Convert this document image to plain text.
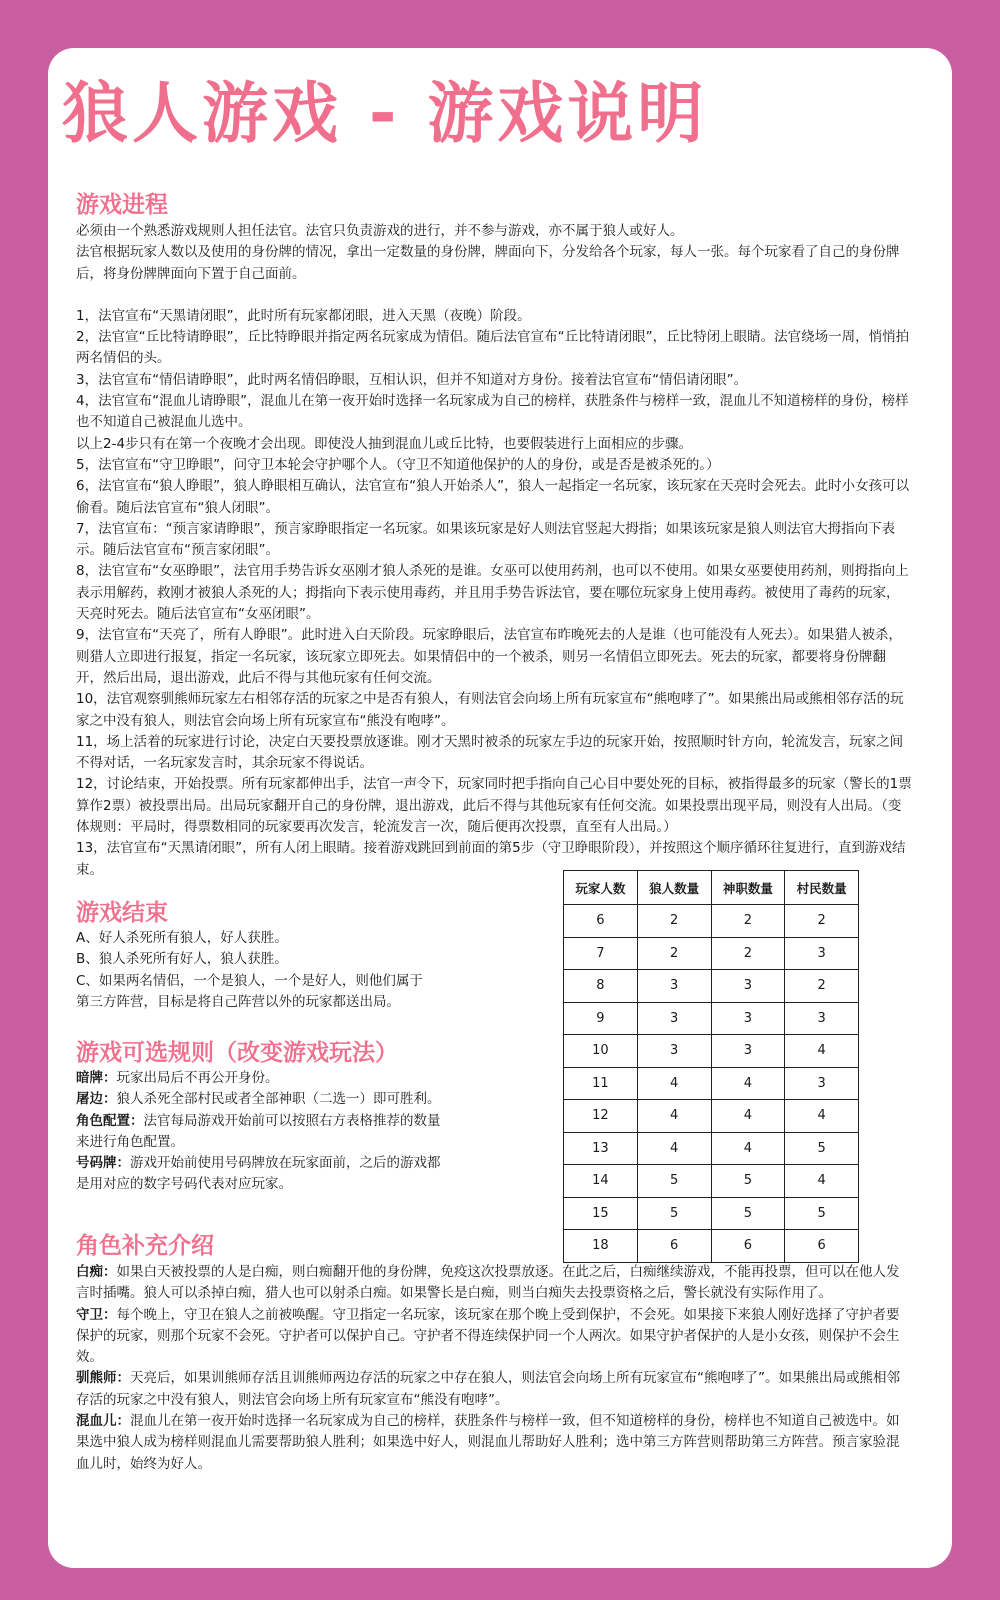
狼人游戏 - 游戏说明
游戏进程

必须由一个熟悉游戏规则人担任法官。法官只负责游戏的进行，并不参与游戏，亦不属于狼人或好人。

法官根据玩家人数以及使用的身份牌的情况，拿出一定数量的身份牌，牌面向下，分发给各个玩家，每人一张。每个玩家看了自己的身份牌后，将身份牌牌面向下置于自己面前。

1，法官宣布“天黑请闭眼”，此时所有玩家都闭眼，进入天黑（夜晚）阶段。

2，法官宣“丘比特请睁眼”，丘比特睁眼并指定两名玩家成为情侣。随后法官宣布“丘比特请闭眼”，丘比特闭上眼睛。法官绕场一周，悄悄拍两名情侣的头。

3，法官宣布“情侣请睁眼”，此时两名情侣睁眼，互相认识，但并不知道对方身份。接着法官宣布“情侣请闭眼”。

4，法官宣布“混血儿请睁眼”，混血儿在第一夜开始时选择一名玩家成为自己的榜样，获胜条件与榜样一致，混血儿不知道榜样的身份，榜样也不知道自己被混血儿选中。

以上2-4步只有在第一个夜晚才会出现。即使没人抽到混血儿或丘比特，也要假装进行上面相应的步骤。

5，法官宣布“守卫睁眼”，问守卫本轮会守护哪个人。（守卫不知道他保护的人的身份，或是否是被杀死的。）

6，法官宣布“狼人睁眼”，狼人睁眼相互确认，法官宣布“狼人开始杀人”，狼人一起指定一名玩家，该玩家在天亮时会死去。此时小女孩可以偷看。随后法官宣布“狼人闭眼”。

7，法官宣布：“预言家请睁眼”，预言家睁眼指定一名玩家。如果该玩家是好人则法官竖起大拇指；如果该玩家是狼人则法官大拇指向下表示。随后法官宣布“预言家闭眼”。

8，法官宣布“女巫睁眼”，法官用手势告诉女巫刚才狼人杀死的是谁。女巫可以使用药剂，也可以不使用。如果女巫要使用药剂，则拇指向上表示用解药，救刚才被狼人杀死的人；拇指向下表示使用毒药，并且用手势告诉法官，要在哪位玩家身上使用毒药。被使用了毒药的玩家，天亮时死去。随后法官宣布“女巫闭眼”。

9，法官宣布“天亮了，所有人睁眼”。此时进入白天阶段。玩家睁眼后，法官宣布昨晚死去的人是谁（也可能没有人死去）。如果猎人被杀，则猎人立即进行报复，指定一名玩家，该玩家立即死去。如果情侣中的一个被杀，则另一名情侣立即死去。死去的玩家，都要将身份牌翻开，然后出局，退出游戏，此后不得与其他玩家有任何交流。

10，法官观察驯熊师玩家左右相邻存活的玩家之中是否有狼人，有则法官会向场上所有玩家宣布“熊咆哮了”。如果熊出局或熊相邻存活的玩家之中没有狼人，则法官会向场上所有玩家宣布“熊没有咆哮”。

11，场上活着的玩家进行讨论，决定白天要投票放逐谁。刚才天黑时被杀的玩家左手边的玩家开始，按照顺时针方向，轮流发言，玩家之间不得对话，一名玩家发言时，其余玩家不得说话。

12，讨论结束，开始投票。所有玩家都伸出手，法官一声令下，玩家同时把手指向自己心目中要处死的目标，被指得最多的玩家（警长的1票算作2票）被投票出局。出局玩家翻开自己的身份牌，退出游戏，此后不得与其他玩家有任何交流。如果投票出现平局，则没有人出局。（变体规则：平局时，得票数相同的玩家要再次发言，轮流发言一次，随后便再次投票，直至有人出局。）

13，法官宣布“天黑请闭眼”，所有人闭上眼睛。接着游戏跳回到前面的第5步（守卫睁眼阶段），并按照这个顺序循环往复进行，直到游戏结束。

游戏结束

A、好人杀死所有狼人，好人获胜。

B、狼人杀死所有好人，狼人获胜。

C、如果两名情侣，一个是狼人，一个是好人，则他们属于第三方阵营，目标是将自己阵营以外的玩家都送出局。

游戏可选规则（改变游戏玩法）

暗牌：玩家出局后不再公开身份。

屠边：狼人杀死全部村民或者全部神职（二选一）即可胜利。

角色配置：法官每局游戏开始前可以按照右方表格推荐的数量来进行角色配置。

号码牌：游戏开始前使用号码牌放在玩家面前，之后的游戏都是用对应的数字号码代表对应玩家。

玩家人数	狼人数量	神职数量	村民数量
6	2	2	2
7	2	2	3
8	3	3	2
9	3	3	3
10	3	3	4
11	4	4	3
12	4	4	4
13	4	4	5
14	5	5	4
15	5	5	5
18	6	6	6
角色补充介绍

白痴：如果白天被投票的人是白痴，则白痴翻开他的身份牌，免疫这次投票放逐。在此之后，白痴继续游戏，不能再投票，但可以在他人发言时插嘴。狼人可以杀掉白痴，猎人也可以射杀白痴。如果警长是白痴，则当白痴失去投票资格之后，警长就没有实际作用了。

守卫：每个晚上，守卫在狼人之前被唤醒。守卫指定一名玩家，该玩家在那个晚上受到保护，不会死。如果接下来狼人刚好选择了守护者要保护的玩家，则那个玩家不会死。守护者可以保护自己。守护者不得连续保护同一个人两次。如果守护者保护的人是小女孩，则保护不会生效。

驯熊师：天亮后，如果训熊师存活且训熊师两边存活的玩家之中存在狼人，则法官会向场上所有玩家宣布“熊咆哮了”。如果熊出局或熊相邻存活的玩家之中没有狼人，则法官会向场上所有玩家宣布“熊没有咆哮”。

混血儿：混血儿在第一夜开始时选择一名玩家成为自己的榜样，获胜条件与榜样一致，但不知道榜样的身份，榜样也不知道自己被选中。如果选中狼人成为榜样则混血儿需要帮助狼人胜利；如果选中好人，则混血儿帮助好人胜利；选中第三方阵营则帮助第三方阵营。预言家验混血儿时，始终为好人。
